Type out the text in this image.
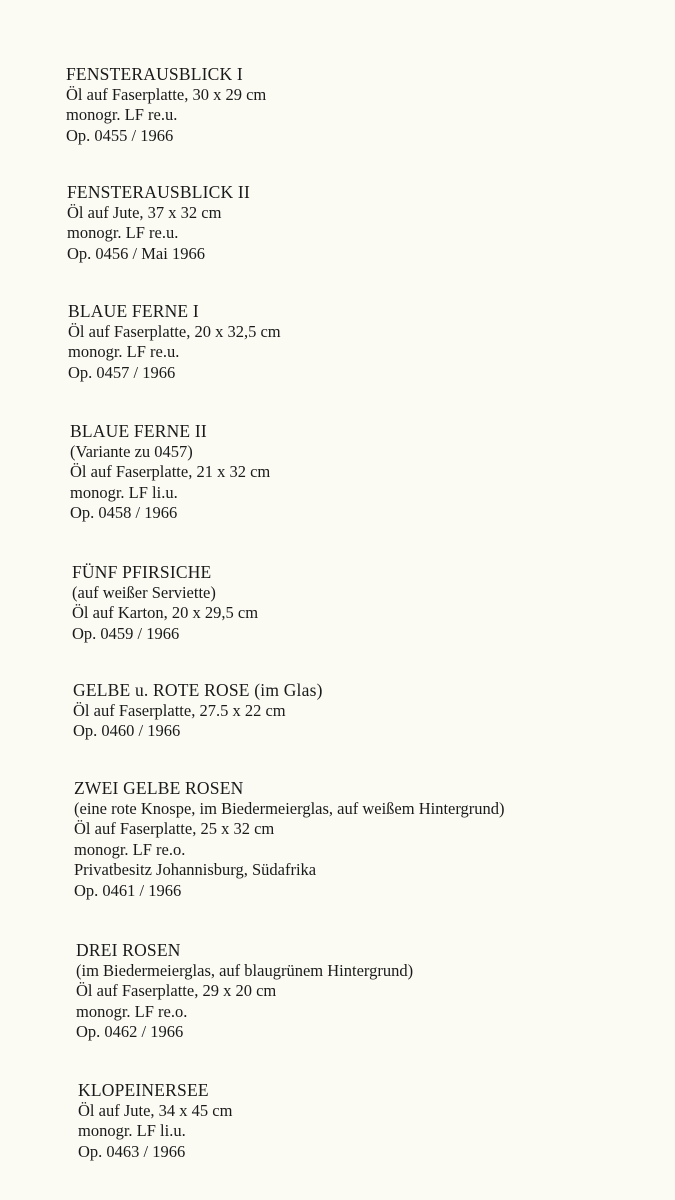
FENSTERAUSBLICK I
Öl auf Faserplatte, 30 x 29 cm
monogr. LF re.u.
Op. 0455 / 1966
FENSTERAUSBLICK II
Öl auf Jute, 37 x 32 cm
monogr. LF re.u.
Op. 0456 / Mai 1966
BLAUE FERNE I
Öl auf Faserplatte, 20 x 32,5 cm
monogr. LF re.u.
Op. 0457 / 1966
BLAUE FERNE II
(Variante zu 0457)
Öl auf Faserplatte, 21 x 32 cm
monogr. LF li.u.
Op. 0458 / 1966
FÜNF PFIRSICHE
(auf weißer Serviette)
Öl auf Karton, 20 x 29,5 cm
Op. 0459 / 1966
GELBE u. ROTE ROSE (im Glas)
Öl auf Faserplatte, 27.5 x 22 cm
Op. 0460 / 1966
ZWEI GELBE ROSEN
(eine rote Knospe, im Biedermeierglas, auf weißem Hintergrund)
Öl auf Faserplatte, 25 x 32 cm
monogr. LF re.o.
Privatbesitz Johannisburg, Südafrika
Op. 0461 / 1966
DREI ROSEN
(im Biedermeierglas, auf blaugrünem Hintergrund)
Öl auf Faserplatte, 29 x 20 cm
monogr. LF re.o.
Op. 0462 / 1966
KLOPEINERSEE
Öl auf Jute, 34 x 45 cm
monogr. LF li.u.
Op. 0463 / 1966
